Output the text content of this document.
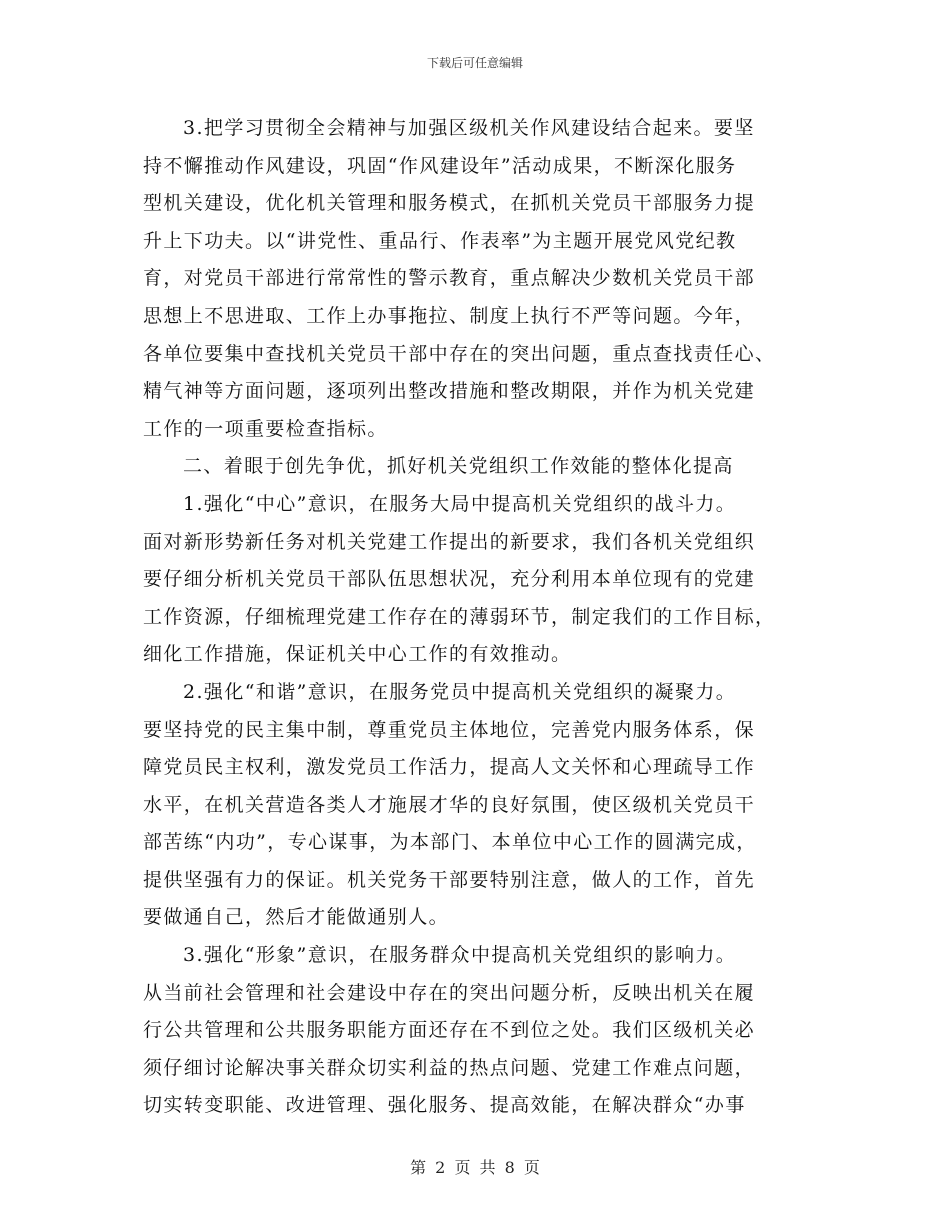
下载后可任意编辑
3.把学习贯彻全会精神与加强区级机关作风建设结合起来。要坚
持不懈推动作风建设，巩固“作风建设年”活动成果，不断深化服务
型机关建设，优化机关管理和服务模式，在抓机关党员干部服务力提
升上下功夫。以“讲党性、重品行、作表率”为主题开展党风党纪教
育，对党员干部进行常常性的警示教育，重点解决少数机关党员干部
思想上不思进取、工作上办事拖拉、制度上执行不严等问题。今年，
各单位要集中查找机关党员干部中存在的突出问题，重点查找责任心、
精气神等方面问题，逐项列出整改措施和整改期限，并作为机关党建
工作的一项重要检查指标。
二、着眼于创先争优，抓好机关党组织工作效能的整体化提高
1.强化“中心”意识，在服务大局中提高机关党组织的战斗力。
面对新形势新任务对机关党建工作提出的新要求，我们各机关党组织
要仔细分析机关党员干部队伍思想状况，充分利用本单位现有的党建
工作资源，仔细梳理党建工作存在的薄弱环节，制定我们的工作目标，
细化工作措施，保证机关中心工作的有效推动。
2.强化“和谐”意识，在服务党员中提高机关党组织的凝聚力。
要坚持党的民主集中制，尊重党员主体地位，完善党内服务体系，保
障党员民主权利，激发党员工作活力，提高人文关怀和心理疏导工作
水平，在机关营造各类人才施展才华的良好氛围，使区级机关党员干
部苦练“内功”，专心谋事，为本部门、本单位中心工作的圆满完成，
提供坚强有力的保证。机关党务干部要特别注意，做人的工作，首先
要做通自己，然后才能做通别人。
3.强化“形象”意识，在服务群众中提高机关党组织的影响力。
从当前社会管理和社会建设中存在的突出问题分析，反映出机关在履
行公共管理和公共服务职能方面还存在不到位之处。我们区级机关必
须仔细讨论解决事关群众切实利益的热点问题、党建工作难点问题，
切实转变职能、改进管理、强化服务、提高效能，在解决群众“办事
第 2 页 共 8 页
